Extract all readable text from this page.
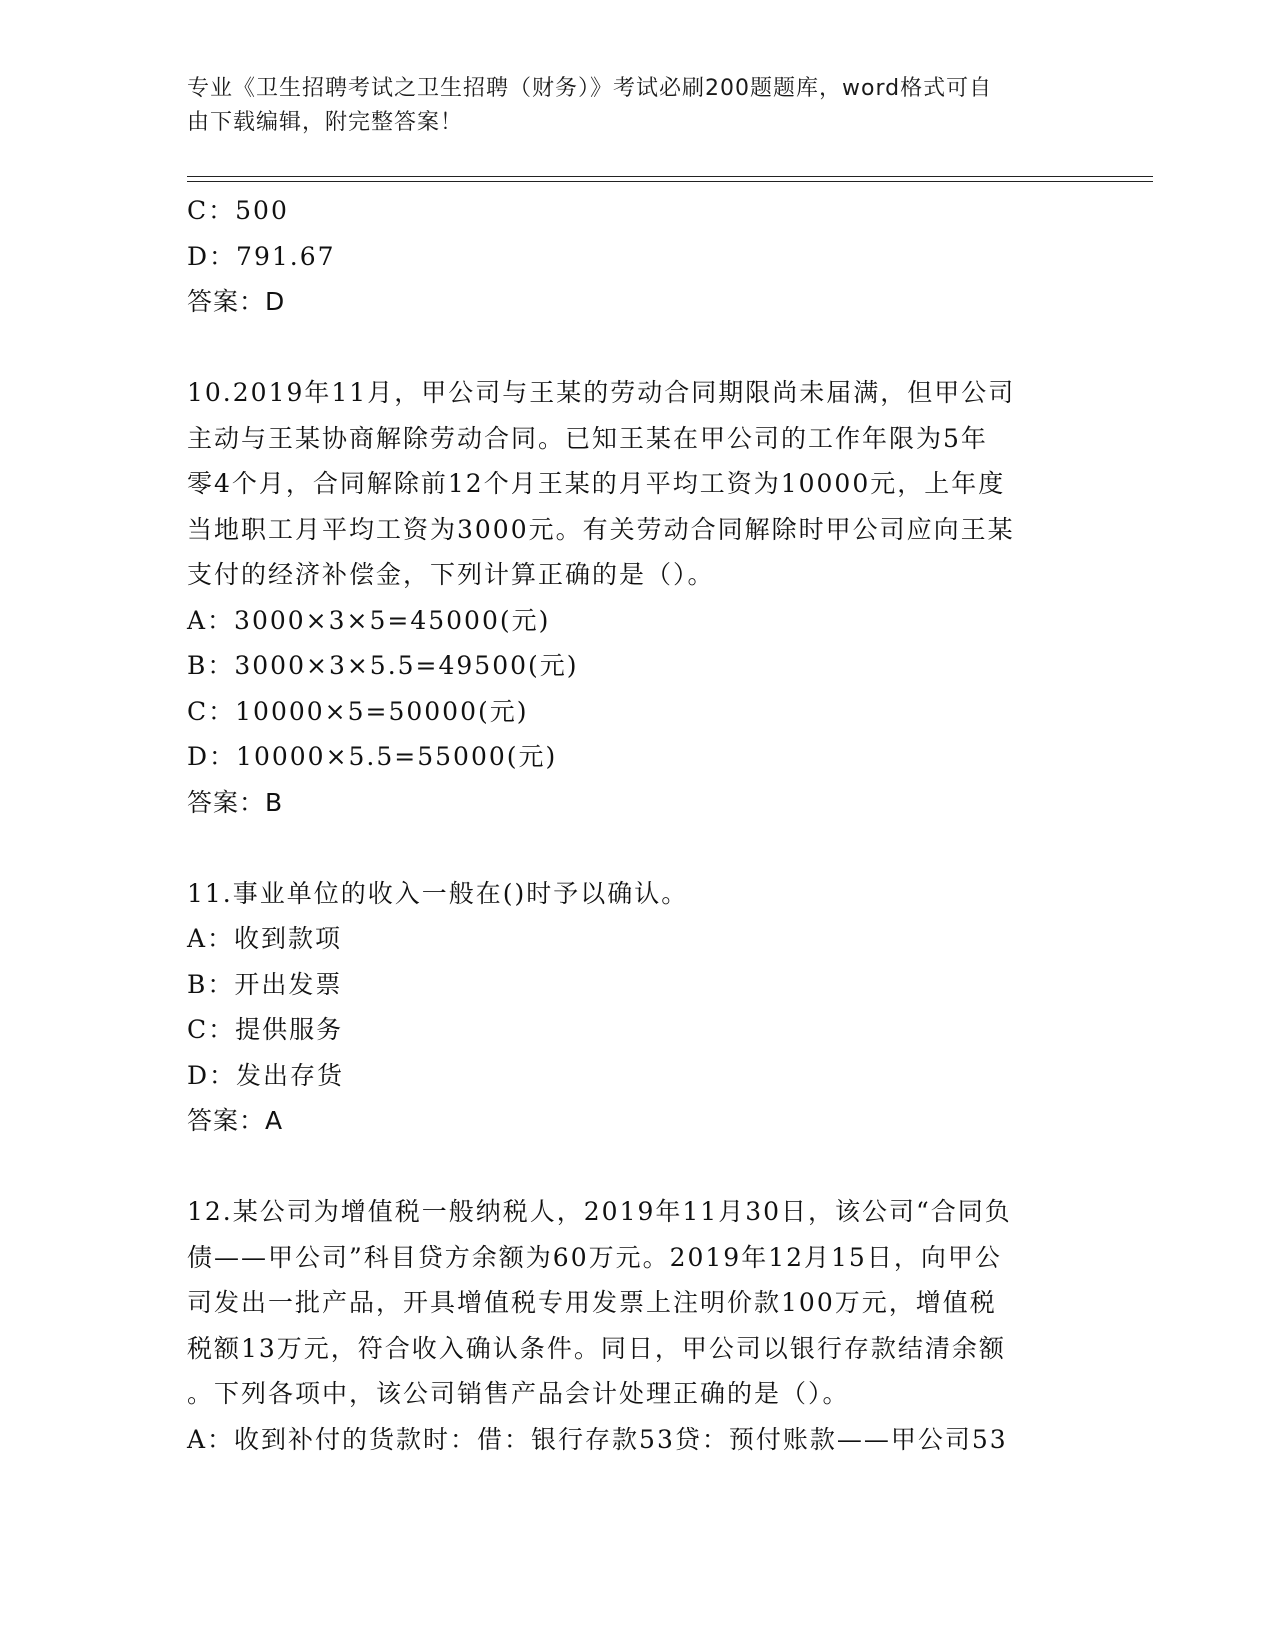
专业《卫生招聘考试之卫生招聘（财务）》考试必刷200题题库，word格式可自
由下载编辑，附完整答案！
C：500
D：791.67
答案：D
10.2019年11月，甲公司与王某的劳动合同期限尚未届满，但甲公司
主动与王某协商解除劳动合同。已知王某在甲公司的工作年限为5年
零4个月，合同解除前12个月王某的月平均工资为10000元，上年度
当地职工月平均工资为3000元。有关劳动合同解除时甲公司应向王某
支付的经济补偿金，下列计算正确的是（）。
A：3000×3×5=45000(元)
B：3000×3×5.5=49500(元)
C：10000×5=50000(元)
D：10000×5.5=55000(元)
答案：B
11.事业单位的收入一般在()时予以确认。
A：收到款项
B：开出发票
C：提供服务
D：发出存货
答案：A
12.某公司为增值税一般纳税人，2019年11月30日，该公司“合同负
债——甲公司”科目贷方余额为60万元。2019年12月15日，向甲公
司发出一批产品，开具增值税专用发票上注明价款100万元，增值税
税额13万元，符合收入确认条件。同日，甲公司以银行存款结清余额
。下列各项中，该公司销售产品会计处理正确的是（）。
A：收到补付的货款时：借：银行存款53贷：预付账款——甲公司53
